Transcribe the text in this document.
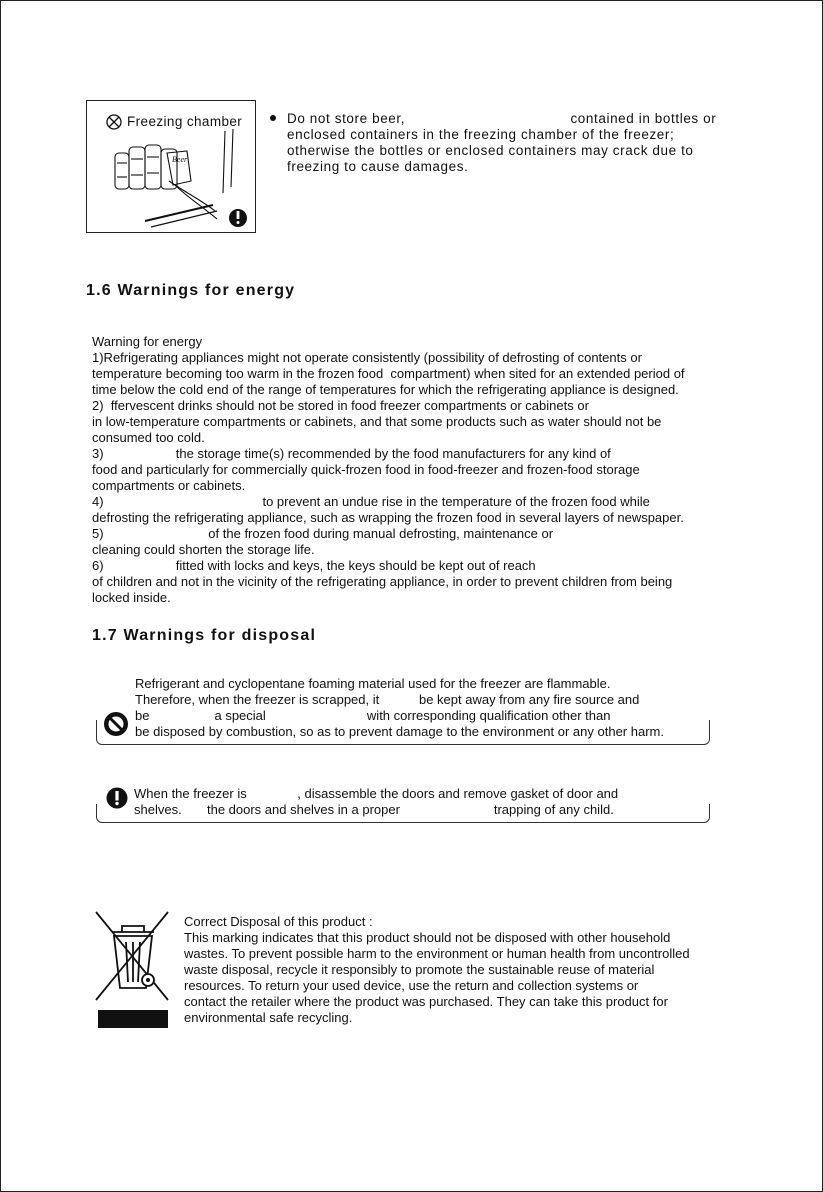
Freezing chamber
Beer
Do not store beer,                                      contained in bottles or
enclosed containers in the freezing chamber of the freezer;
otherwise the bottles or enclosed containers may crack due to
freezing to cause damages.
1.6 Warnings for energy
Warning for energy
1)Refrigerating appliances might not operate consistently (possibility of defrosting of contents or
temperature becoming too warm in the frozen food  compartment) when sited for an extended period of
time below the cold end of the range of temperatures for which the refrigerating appliance is designed.
2)  ffervescent drinks should not be stored in food freezer compartments or cabinets or
in low-temperature compartments or cabinets, and that some products such as water should not be
consumed too cold.
3)                    the storage time(s) recommended by the food manufacturers for any kind of
food and particularly for commercially quick-frozen food in food-freezer and frozen-food storage
compartments or cabinets.
4)                                            to prevent an undue rise in the temperature of the frozen food while
defrosting the refrigerating appliance, such as wrapping the frozen food in several layers of newspaper.
5)                             of the frozen food during manual defrosting, maintenance or
cleaning could shorten the storage life.
6)                    fitted with locks and keys, the keys should be kept out of reach
of children and not in the vicinity of the refrigerating appliance, in order to prevent children from being
locked inside.
1.7 Warnings for disposal
Refrigerant and cyclopentane foaming material used for the freezer are flammable.
Therefore, when the freezer is scrapped, it           be kept away from any fire source and
be                  a special                            with corresponding qualification other than
be disposed by combustion, so as to prevent damage to the environment or any other harm.
When the freezer is              , disassemble the doors and remove gasket of door and
shelves.       the doors and shelves in a proper                          trapping of any child.
Correct Disposal of this product :
This marking indicates that this product should not be disposed with other household
wastes. To prevent possible harm to the environment or human health from uncontrolled
waste disposal, recycle it responsibly to promote the sustainable reuse of material
resources. To return your used device, use the return and collection systems or
contact the retailer where the product was purchased. They can take this product for
environmental safe recycling.
